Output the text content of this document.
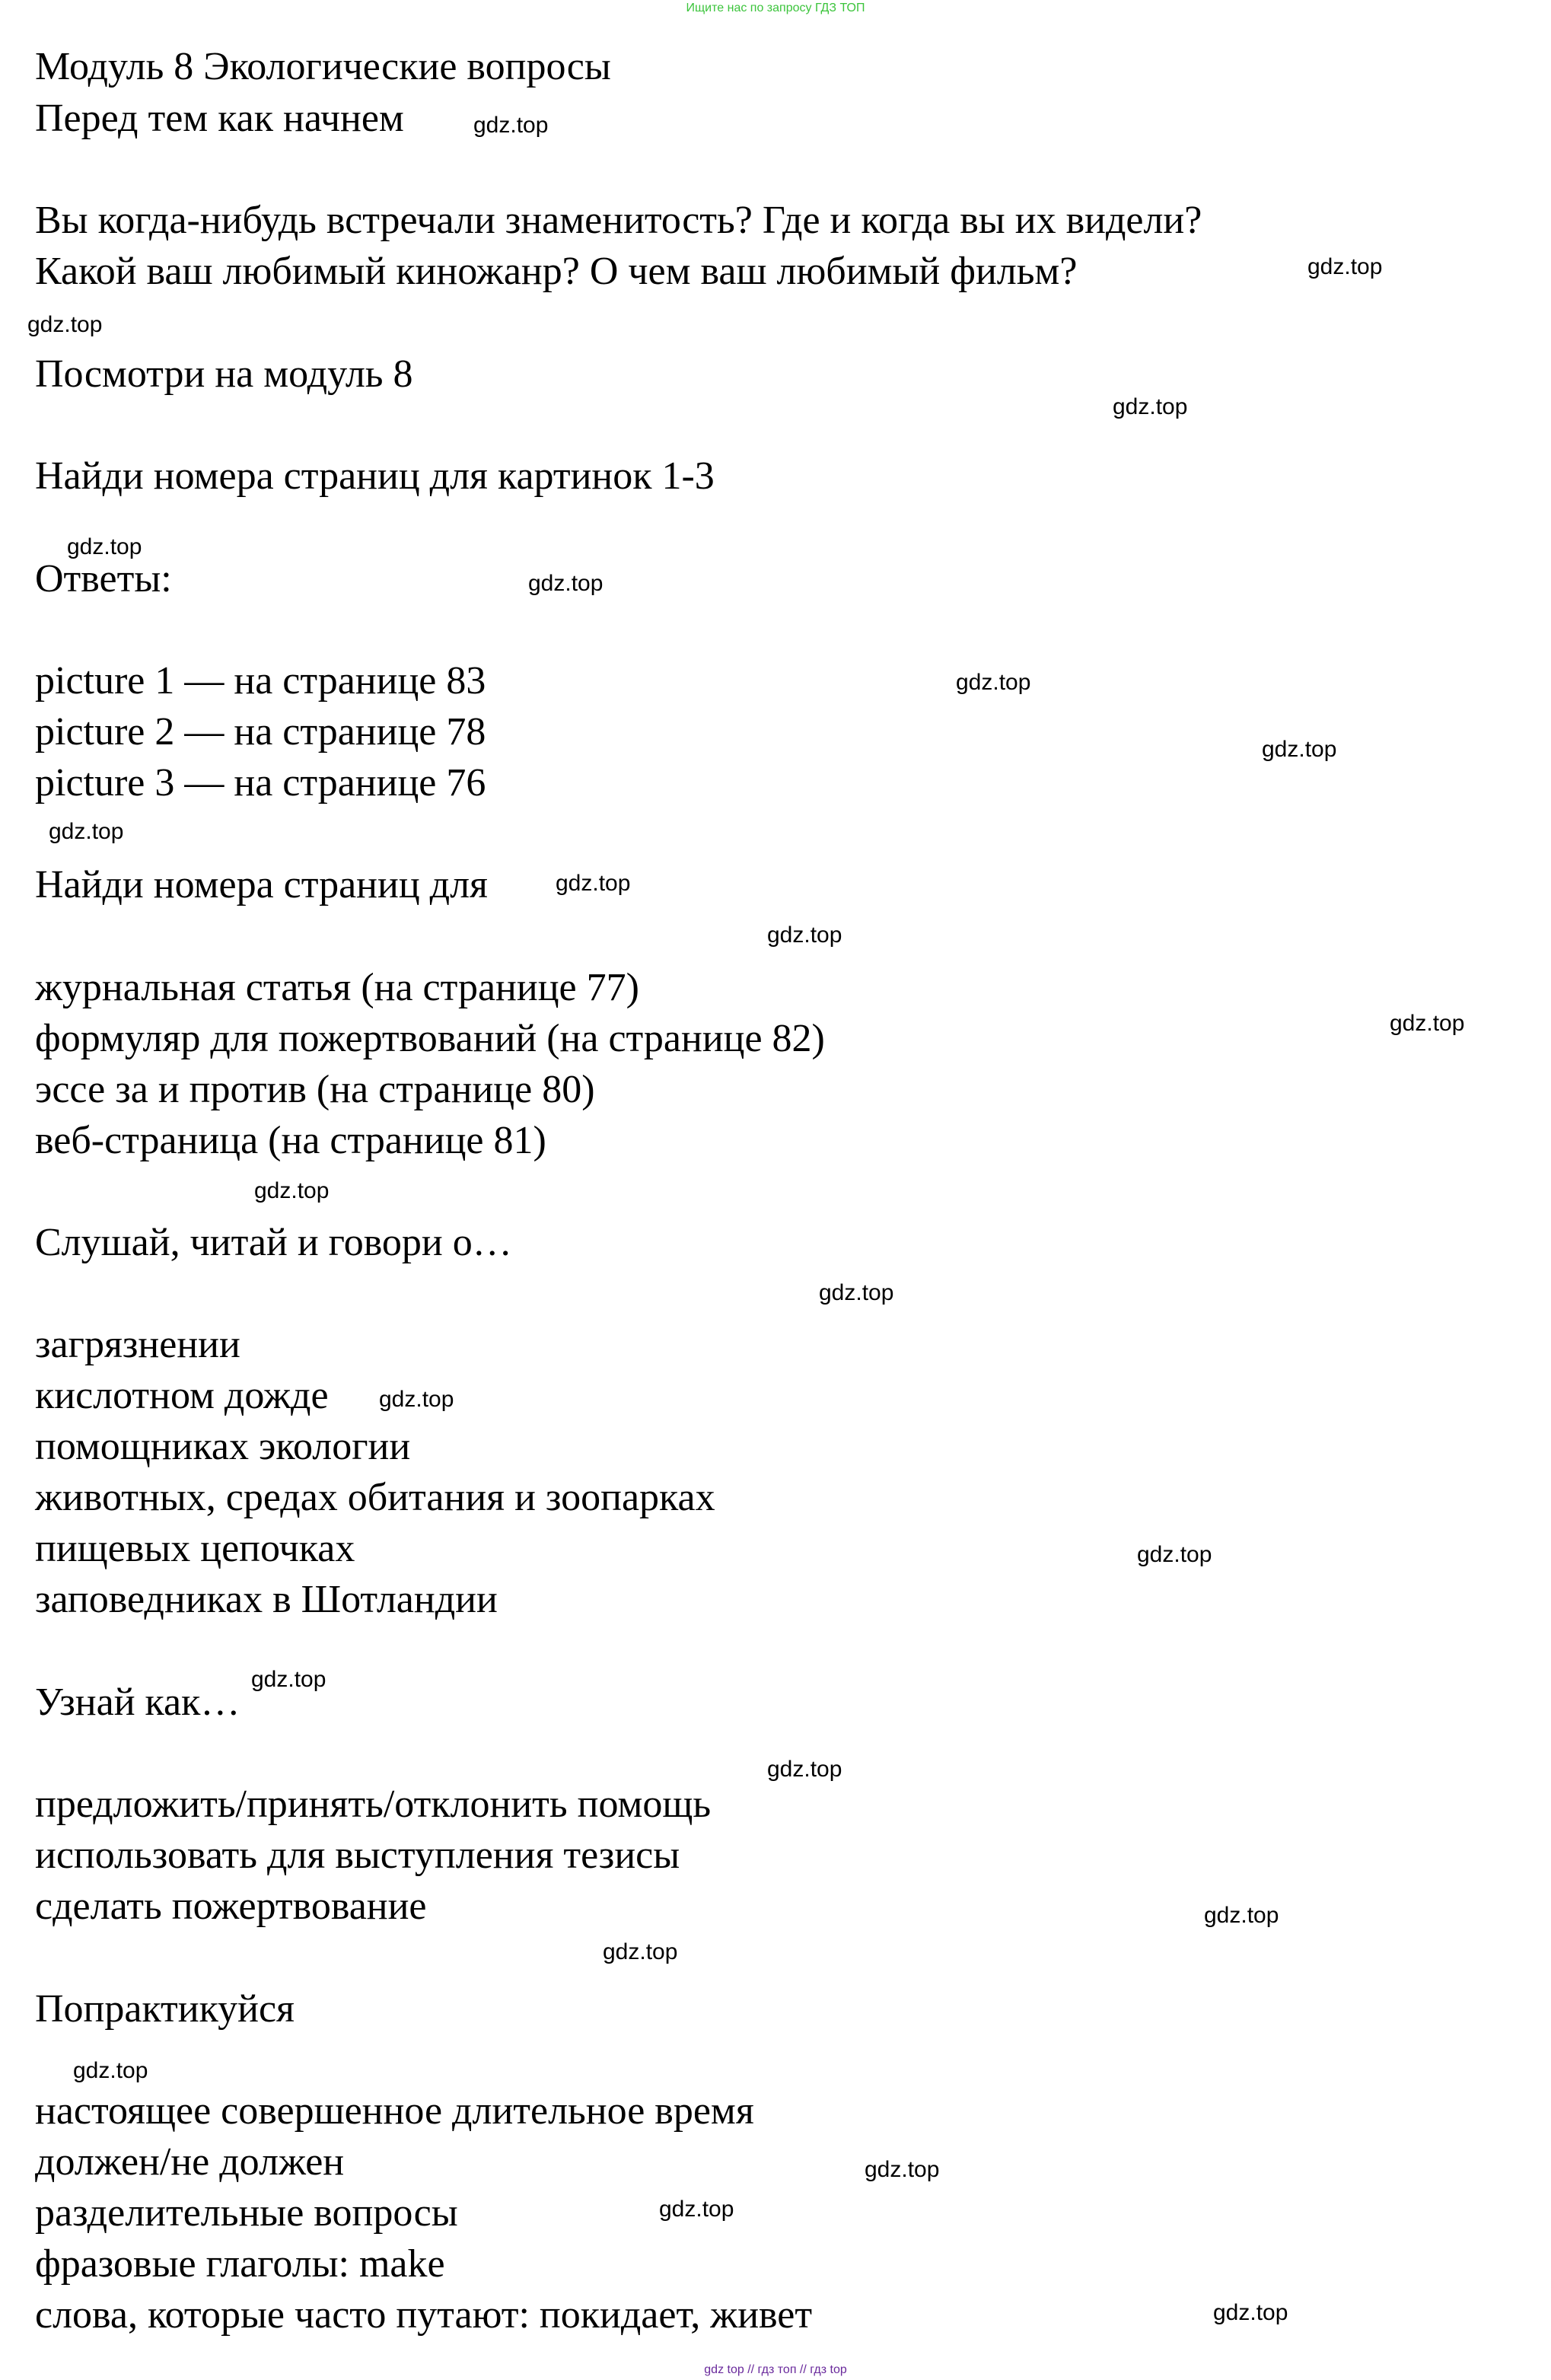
Ищите нас по запросу ГДЗ ТОП
Модуль 8 Экологические вопросы

Перед тем как начнем

Вы когда-нибудь встречали знаменитость? Где и когда вы их видели?

Какой ваш любимый киножанр? О чем ваш любимый фильм?

Посмотри на модуль 8

Найди номера страниц для картинок 1-3

Ответы:

picture 1 — на странице 83

picture 2 — на странице 78

picture 3 — на странице 76

Найди номера страниц для

журнальная статья (на странице 77)

формуляр для пожертвований (на странице 82)

эссе за и против (на странице 80)

веб-страница (на странице 81)

Слушай, читай и говори о…

загрязнении

кислотном дожде

помощниках экологии

животных, средах обитания и зоопарках

пищевых цепочках

заповедниках в Шотландии

Узнай как…

предложить/принять/отклонить помощь

использовать для выступления тезисы

сделать пожертвование

Попрактикуйся

настоящее совершенное длительное время

должен/не должен

разделительные вопросы

фразовые глаголы: make

слова, которые часто путают: покидает, живет

gdz.top
gdz.top
gdz.top
gdz.top
gdz.top
gdz.top
gdz.top
gdz.top
gdz.top
gdz.top
gdz.top
gdz.top
gdz.top
gdz.top
gdz.top
gdz.top
gdz.top
gdz.top
gdz.top
gdz.top
gdz.top
gdz.top
gdz.top
gdz.top
gdz top // гдз топ // гдз top
